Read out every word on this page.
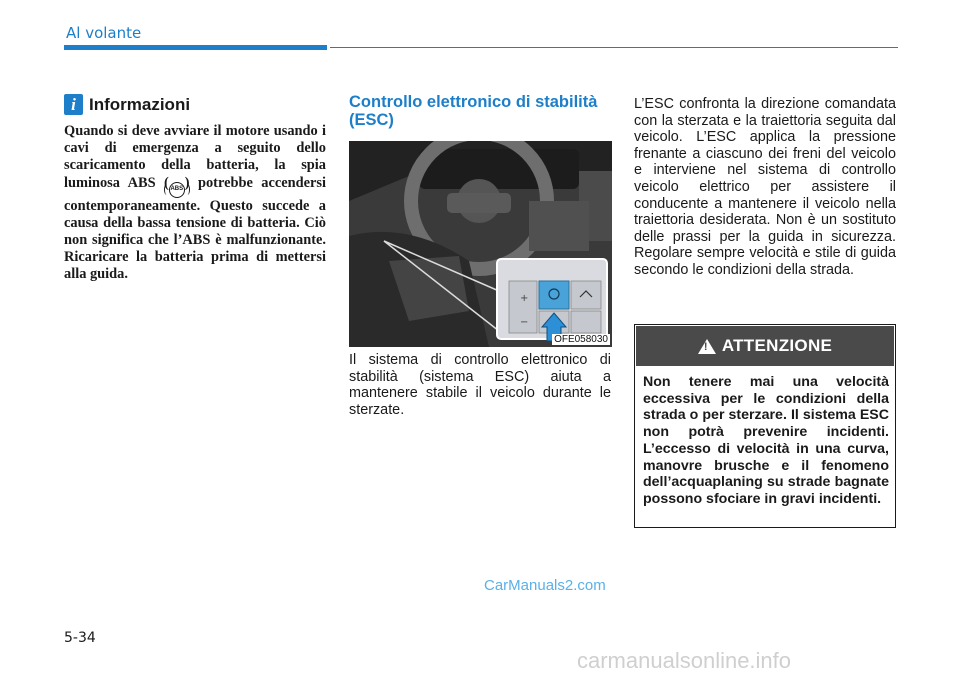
Al volante
i Informazioni
Quando si deve avviare il motore usando i cavi di emergenza a seguito dello scaricamento della batteria, la spia luminosa ABS ( ABS ) potrebbe accendersi contemporaneamente. Questo succede a causa della bassa tensione di batteria. Ciò non significa che l’ABS è malfunzionante. Ricaricare la batteria prima di mettersi alla guida.
Controllo elettronico di stabilità (ESC)
+
−
OFE058030
Il sistema di controllo elettronico di stabilità (sistema ESC) aiuta a mantenere stabile il veicolo durante le sterzate.
L’ESC confronta la direzione comandata con la sterzata e la traiettoria seguita dal veicolo. L’ESC applica la pressione frenante a ciascuno dei freni del veicolo e interviene nel sistema di controllo veicolo elettrico per assistere il conducente a mantenere il veicolo nella traiettoria desiderata. Non è un sostituto delle prassi per la guida in sicurezza. Regolare sempre velocità e stile di guida secondo le condizioni della strada.
! ATTENZIONE
Non tenere mai una velocità eccessiva per le condizioni della strada o per sterzare. Il sistema ESC non potrà prevenire incidenti. L’eccesso di velocità in una curva, manovre brusche e il fenomeno dell’acquaplaning su strade bagnate possono sfociare in gravi incidenti.
CarManuals2.com
5-34
carmanualsonline.info
